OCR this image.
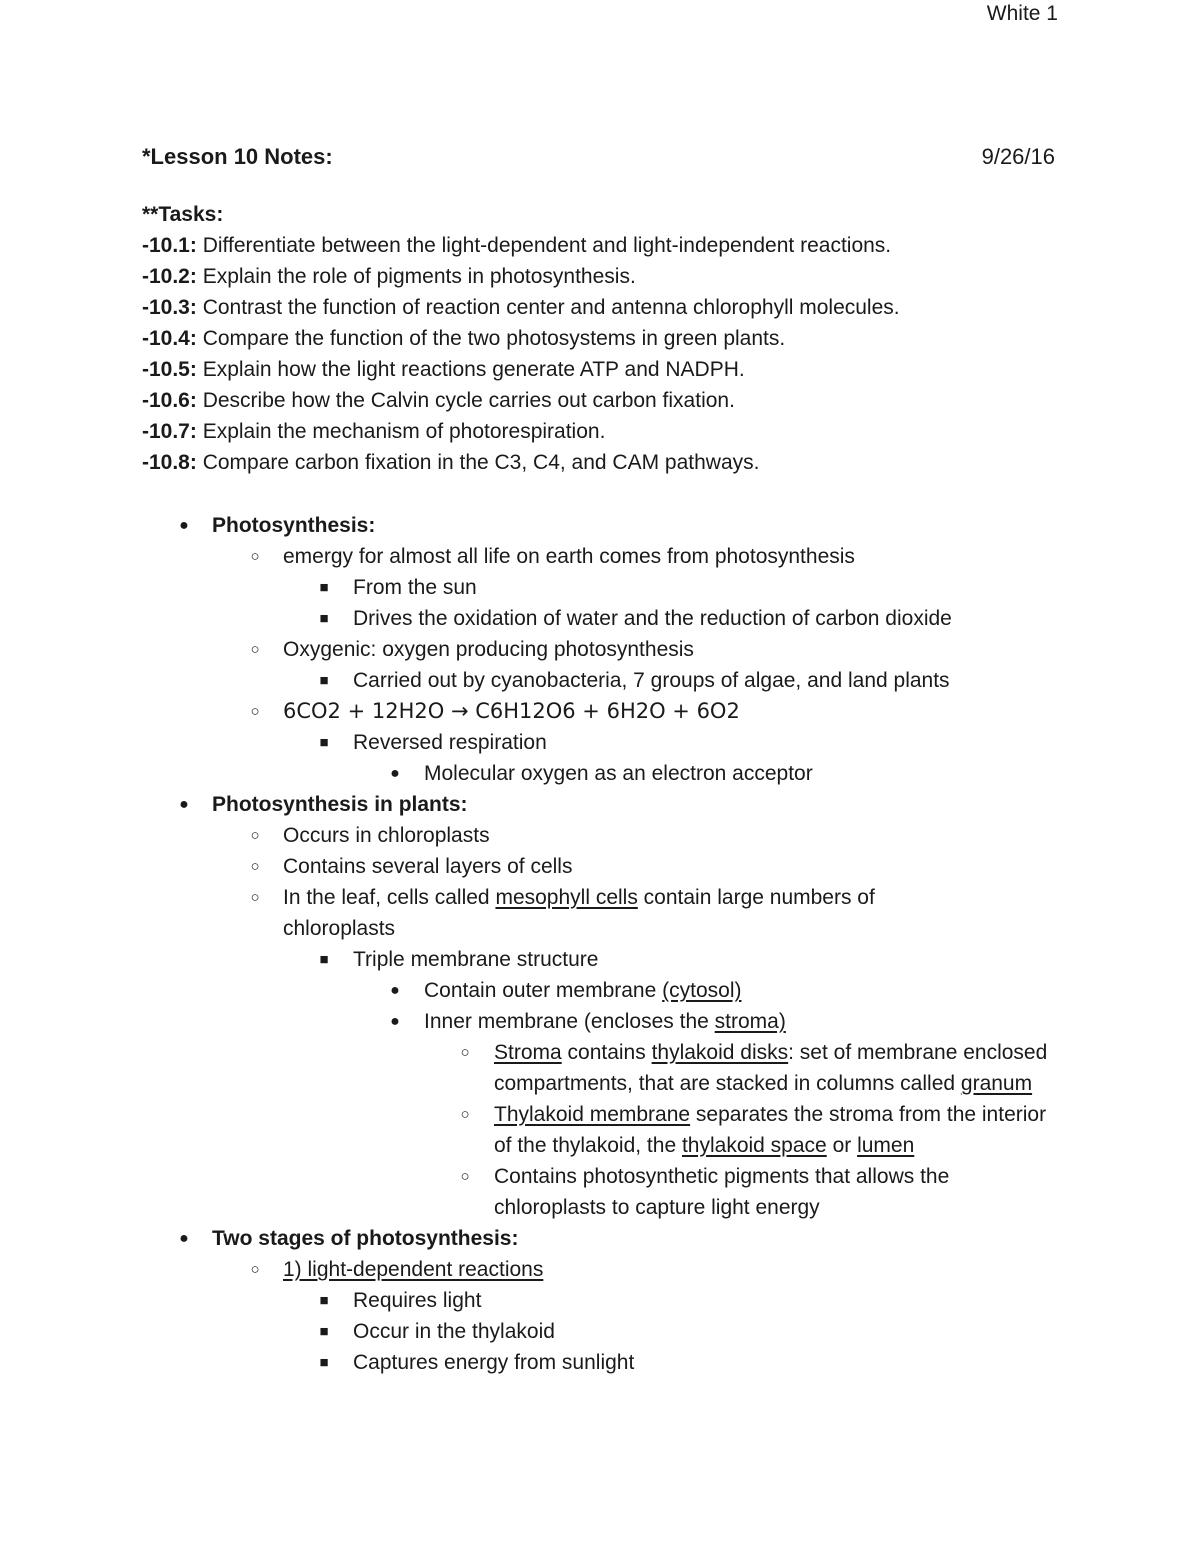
White 1
*Lesson 10 Notes:	9/26/16
**Tasks:
-10.1: Differentiate between the light-dependent and light-independent reactions.
-10.2: Explain the role of pigments in photosynthesis.
-10.3: Contrast the function of reaction center and antenna chlorophyll molecules.
-10.4: Compare the function of the two photosystems in green plants.
-10.5: Explain how the light reactions generate ATP and NADPH.
-10.6: Describe how the Calvin cycle carries out carbon fixation.
-10.7: Explain the mechanism of photorespiration.
-10.8: Compare carbon fixation in the C3, C4, and CAM pathways.
● Photosynthesis:
○ emergy for almost all life on earth comes from photosynthesis
■ From the sun
■ Drives the oxidation of water and the reduction of carbon dioxide
○ Oxygenic: oxygen producing photosynthesis
■ Carried out by cyanobacteria, 7 groups of algae, and land plants
○ 6CO2 + 12H2O → C6H12O6 + 6H2O + 6O2
■ Reversed respiration
● Molecular oxygen as an electron acceptor
● Photosynthesis in plants:
○ Occurs in chloroplasts
○ Contains several layers of cells
○ In the leaf, cells called mesophyll cells contain large numbers of chloroplasts
■ Triple membrane structure
● Contain outer membrane (cytosol)
● Inner membrane (encloses the stroma)
○ Stroma contains thylakoid disks: set of membrane enclosed compartments, that are stacked in columns called granum
○ Thylakoid membrane separates the stroma from the interior of the thylakoid, the thylakoid space or lumen
○ Contains photosynthetic pigments that allows the chloroplasts to capture light energy
● Two stages of photosynthesis:
○ 1) light-dependent reactions
■ Requires light
■ Occur in the thylakoid
■ Captures energy from sunlight
